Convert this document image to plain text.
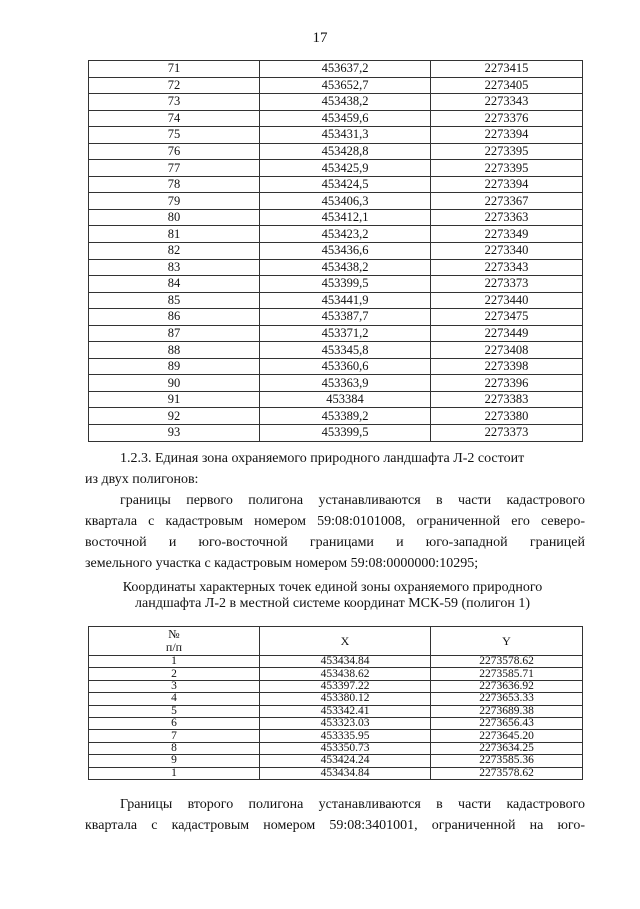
17
71	453637,2	2273415
72	453652,7	2273405
73	453438,2	2273343
74	453459,6	2273376
75	453431,3	2273394
76	453428,8	2273395
77	453425,9	2273395
78	453424,5	2273394
79	453406,3	2273367
80	453412,1	2273363
81	453423,2	2273349
82	453436,6	2273340
83	453438,2	2273343
84	453399,5	2273373
85	453441,9	2273440
86	453387,7	2273475
87	453371,2	2273449
88	453345,8	2273408
89	453360,6	2273398
90	453363,9	2273396
91	453384	2273383
92	453389,2	2273380
93	453399,5	2273373

1.2.3. Единая зона охраняемого природного ландшафта Л-2 состоит

из двух полигонов:

границы первого полигона устанавливаются в части кадастрового

квартала с кадастровым номером 59:08:0101008, ограниченной его северо-

восточной и юго-восточной границами и юго-западной границей

земельного участка с кадастровым номером 59:08:0000000:10295;

Координаты характерных точек единой зоны охраняемого природного
ландшафта Л-2 в местной системе координат МСК-59 (полигон 1)
№
п/п	X	Y
1	453434.84	2273578.62
2	453438.62	2273585.71
3	453397.22	2273636.92
4	453380.12	2273653.33
5	453342.41	2273689.38
6	453323.03	2273656.43
7	453335.95	2273645.20
8	453350.73	2273634.25
9	453424.24	2273585.36
1	453434.84	2273578.62

Границы второго полигона устанавливаются в части кадастрового

квартала с кадастровым номером 59:08:3401001, ограниченной на юго-
